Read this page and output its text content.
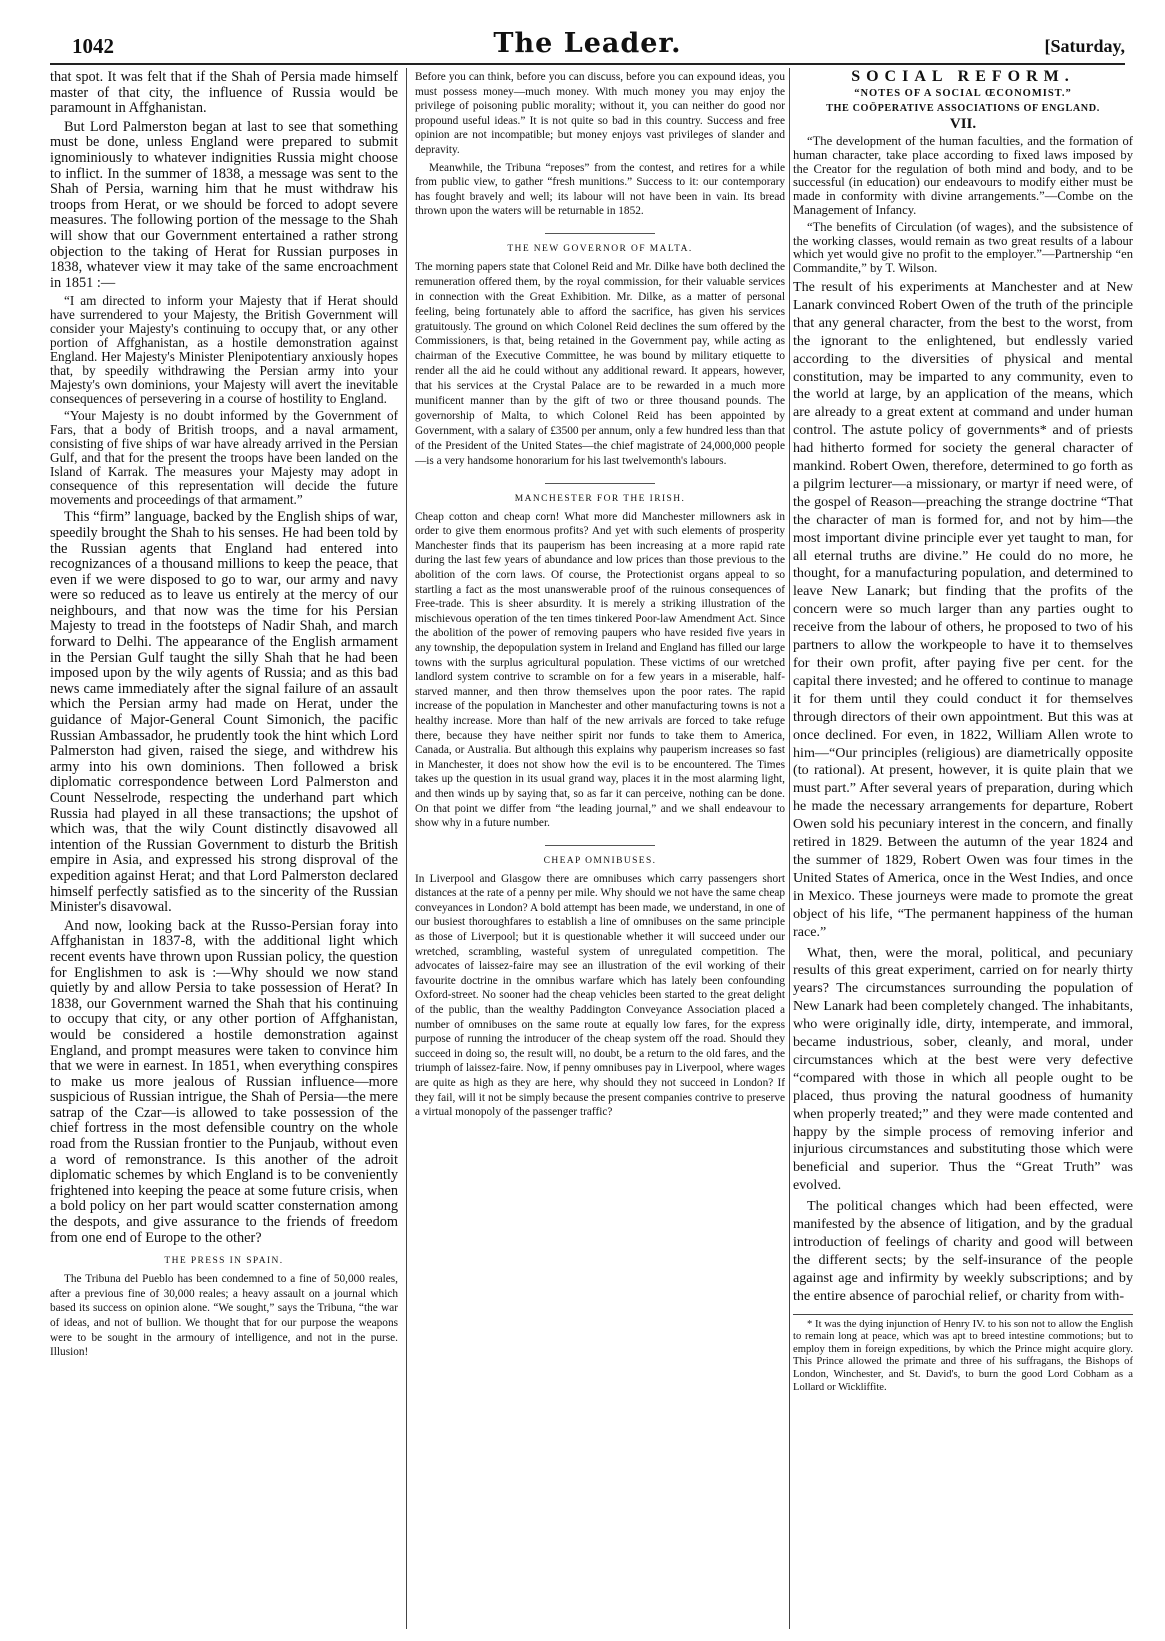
1042	The Leader.	[Saturday,

that spot. It was felt that if the Shah of Persia made himself master of that city, the influence of Russia would be paramount in Affghanistan.

But Lord Palmerston began at last to see that something must be done, unless England were prepared to submit ignominiously to whatever indignities Russia might choose to inflict. In the summer of 1838, a message was sent to the Shah of Persia, warning him that he must withdraw his troops from Herat, or we should be forced to adopt severe measures. The following portion of the message to the Shah will show that our Government entertained a rather strong objection to the taking of Herat for Russian purposes in 1838, whatever view it may take of the same encroachment in 1851 :—

“I am directed to inform your Majesty that if Herat should have surrendered to your Majesty, the British Government will consider your Majesty's continuing to occupy that, or any other portion of Affghanistan, as a hostile demonstration against England. Her Majesty's Minister Plenipotentiary anxiously hopes that, by speedily withdrawing the Persian army into your Majesty's own dominions, your Majesty will avert the inevitable consequences of persevering in a course of hostility to England.

“Your Majesty is no doubt informed by the Government of Fars, that a body of British troops, and a naval armament, consisting of five ships of war have already arrived in the Persian Gulf, and that for the present the troops have been landed on the Island of Karrak. The measures your Majesty may adopt in consequence of this representation will decide the future movements and proceedings of that armament.”

This “firm” language, backed by the English ships of war, speedily brought the Shah to his senses. He had been told by the Russian agents that England had entered into recognizances of a thousand millions to keep the peace, that even if we were disposed to go to war, our army and navy were so reduced as to leave us entirely at the mercy of our neighbours, and that now was the time for his Persian Majesty to tread in the footsteps of Nadir Shah, and march forward to Delhi. The appearance of the English armament in the Persian Gulf taught the silly Shah that he had been imposed upon by the wily agents of Russia; and as this bad news came immediately after the signal failure of an assault which the Persian army had made on Herat, under the guidance of Major-General Count Simonich, the pacific Russian Ambassador, he prudently took the hint which Lord Palmerston had given, raised the siege, and withdrew his army into his own dominions. Then followed a brisk diplomatic correspondence between Lord Palmerston and Count Nesselrode, respecting the underhand part which Russia had played in all these transactions; the upshot of which was, that the wily Count distinctly disavowed all intention of the Russian Government to disturb the British empire in Asia, and expressed his strong disproval of the expedition against Herat; and that Lord Palmerston declared himself perfectly satisfied as to the sincerity of the Russian Minister's disavowal.

And now, looking back at the Russo-Persian foray into Affghanistan in 1837-8, with the additional light which recent events have thrown upon Russian policy, the question for Englishmen to ask is :—Why should we now stand quietly by and allow Persia to take possession of Herat? In 1838, our Government warned the Shah that his continuing to occupy that city, or any other portion of Affghanistan, would be considered a hostile demonstration against England, and prompt measures were taken to convince him that we were in earnest. In 1851, when everything conspires to make us more jealous of Russian influence—more suspicious of Russian intrigue, the Shah of Persia—the mere satrap of the Czar—is allowed to take possession of the chief fortress in the most defensible country on the whole road from the Russian frontier to the Punjaub, without even a word of remonstrance. Is this another of the adroit diplomatic schemes by which England is to be conveniently frightened into keeping the peace at some future crisis, when a bold policy on her part would scatter consternation among the despots, and give assurance to the friends of freedom from one end of Europe to the other?

THE PRESS IN SPAIN.

The Tribuna del Pueblo has been condemned to a fine of 50,000 reales, after a previous fine of 30,000 reales; a heavy assault on a journal which based its success on opinion alone. “We sought,” says the Tribuna, “the war of ideas, and not of bullion. We thought that for our purpose the weapons were to be sought in the armoury of intelligence, and not in the purse. Illusion!

Before you can think, before you can discuss, before you can expound ideas, you must possess money—much money. With much money you may enjoy the privilege of poisoning public morality; without it, you can neither do good nor propound useful ideas.” It is not quite so bad in this country. Success and free opinion are not incompatible; but money enjoys vast privileges of slander and depravity.

Meanwhile, the Tribuna “reposes” from the contest, and retires for a while from public view, to gather “fresh munitions.” Success to it: our contemporary has fought bravely and well; its labour will not have been in vain. Its bread thrown upon the waters will be returnable in 1852.

THE NEW GOVERNOR OF MALTA.

The morning papers state that Colonel Reid and Mr. Dilke have both declined the remuneration offered them, by the royal commission, for their valuable services in connection with the Great Exhibition. Mr. Dilke, as a matter of personal feeling, being fortunately able to afford the sacrifice, has given his services gratuitously. The ground on which Colonel Reid declines the sum offered by the Commissioners, is that, being retained in the Government pay, while acting as chairman of the Executive Committee, he was bound by military etiquette to render all the aid he could without any additional reward. It appears, however, that his services at the Crystal Palace are to be rewarded in a much more munificent manner than by the gift of two or three thousand pounds. The governorship of Malta, to which Colonel Reid has been appointed by Government, with a salary of £3500 per annum, only a few hundred less than that of the President of the United States—the chief magistrate of 24,000,000 people—is a very handsome honorarium for his last twelvemonth's labours.

MANCHESTER FOR THE IRISH.

Cheap cotton and cheap corn! What more did Manchester millowners ask in order to give them enormous profits? And yet with such elements of prosperity Manchester finds that its pauperism has been increasing at a more rapid rate during the last few years of abundance and low prices than those previous to the abolition of the corn laws. Of course, the Protectionist organs appeal to so startling a fact as the most unanswerable proof of the ruinous consequences of Free-trade. This is sheer absurdity. It is merely a striking illustration of the mischievous operation of the ten times tinkered Poor-law Amendment Act. Since the abolition of the power of removing paupers who have resided five years in any township, the depopulation system in Ireland and England has filled our large towns with the surplus agricultural population. These victims of our wretched landlord system contrive to scramble on for a few years in a miserable, half-starved manner, and then throw themselves upon the poor rates. The rapid increase of the population in Manchester and other manufacturing towns is not a healthy increase. More than half of the new arrivals are forced to take refuge there, because they have neither spirit nor funds to take them to America, Canada, or Australia. But although this explains why pauperism increases so fast in Manchester, it does not show how the evil is to be encountered. The Times takes up the question in its usual grand way, places it in the most alarming light, and then winds up by saying that, so as far it can perceive, nothing can be done. On that point we differ from “the leading journal,” and we shall endeavour to show why in a future number.

CHEAP OMNIBUSES.

In Liverpool and Glasgow there are omnibuses which carry passengers short distances at the rate of a penny per mile. Why should we not have the same cheap conveyances in London? A bold attempt has been made, we understand, in one of our busiest thoroughfares to establish a line of omnibuses on the same principle as those of Liverpool; but it is questionable whether it will succeed under our wretched, scrambling, wasteful system of unregulated competition. The advocates of laissez-faire may see an illustration of the evil working of their favourite doctrine in the omnibus warfare which has lately been confounding Oxford-street. No sooner had the cheap vehicles been started to the great delight of the public, than the wealthy Paddington Conveyance Association placed a number of omnibuses on the same route at equally low fares, for the express purpose of running the introducer of the cheap system off the road. Should they succeed in doing so, the result will, no doubt, be a return to the old fares, and the triumph of laissez-faire. Now, if penny omnibuses pay in Liverpool, where wages are quite as high as they are here, why should they not succeed in London? If they fail, will it not be simply because the present companies contrive to preserve a virtual monopoly of the passenger traffic?

SOCIAL REFORM.
“NOTES OF A SOCIAL ŒCONOMIST.”
THE COÖPERATIVE ASSOCIATIONS OF ENGLAND.
VII.

“The development of the human faculties, and the formation of human character, take place according to fixed laws imposed by the Creator for the regulation of both mind and body, and to be successful (in education) our endeavours to modify either must be made in conformity with divine arrangements.”—Combe on the Management of Infancy.

“The benefits of Circulation (of wages), and the subsistence of the working classes, would remain as two great results of a labour which yet would give no profit to the employer.”—Partnership “en Commandite,” by T. Wilson.

The result of his experiments at Manchester and at New Lanark convinced Robert Owen of the truth of the principle that any general character, from the best to the worst, from the ignorant to the enlightened, but endlessly varied according to the diversities of physical and mental constitution, may be imparted to any community, even to the world at large, by an application of the means, which are already to a great extent at command and under human control. The astute policy of governments* and of priests had hitherto formed for society the general character of mankind. Robert Owen, therefore, determined to go forth as a pilgrim lecturer—a missionary, or martyr if need were, of the gospel of Reason—preaching the strange doctrine “That the character of man is formed for, and not by him—the most important divine principle ever yet taught to man, for all eternal truths are divine.” He could do no more, he thought, for a manufacturing population, and determined to leave New Lanark; but finding that the profits of the concern were so much larger than any parties ought to receive from the labour of others, he proposed to two of his partners to allow the workpeople to have it to themselves for their own profit, after paying five per cent. for the capital there invested; and he offered to continue to manage it for them until they could conduct it for themselves through directors of their own appointment. But this was at once declined. For even, in 1822, William Allen wrote to him—“Our principles (religious) are diametrically opposite (to rational). At present, however, it is quite plain that we must part.” After several years of preparation, during which he made the necessary arrangements for departure, Robert Owen sold his pecuniary interest in the concern, and finally retired in 1829. Between the autumn of the year 1824 and the summer of 1829, Robert Owen was four times in the United States of America, once in the West Indies, and once in Mexico. These journeys were made to promote the great object of his life, “The permanent happiness of the human race.”

What, then, were the moral, political, and pecuniary results of this great experiment, carried on for nearly thirty years? The circumstances surrounding the population of New Lanark had been completely changed. The inhabitants, who were originally idle, dirty, intemperate, and immoral, became industrious, sober, cleanly, and moral, under circumstances which at the best were very defective “compared with those in which all people ought to be placed, thus proving the natural goodness of humanity when properly treated;” and they were made contented and happy by the simple process of removing inferior and injurious circumstances and substituting those which were beneficial and superior. Thus the “Great Truth” was evolved.

The political changes which had been effected, were manifested by the absence of litigation, and by the gradual introduction of feelings of charity and good will between the different sects; by the self-insurance of the people against age and infirmity by weekly subscriptions; and by the entire absence of parochial relief, or charity from with-

* It was the dying injunction of Henry IV. to his son not to allow the English to remain long at peace, which was apt to breed intestine commotions; but to employ them in foreign expeditions, by which the Prince might acquire glory. This Prince allowed the primate and three of his suffragans, the Bishops of London, Winchester, and St. David's, to burn the good Lord Cobham as a Lollard or Wickliffite.
